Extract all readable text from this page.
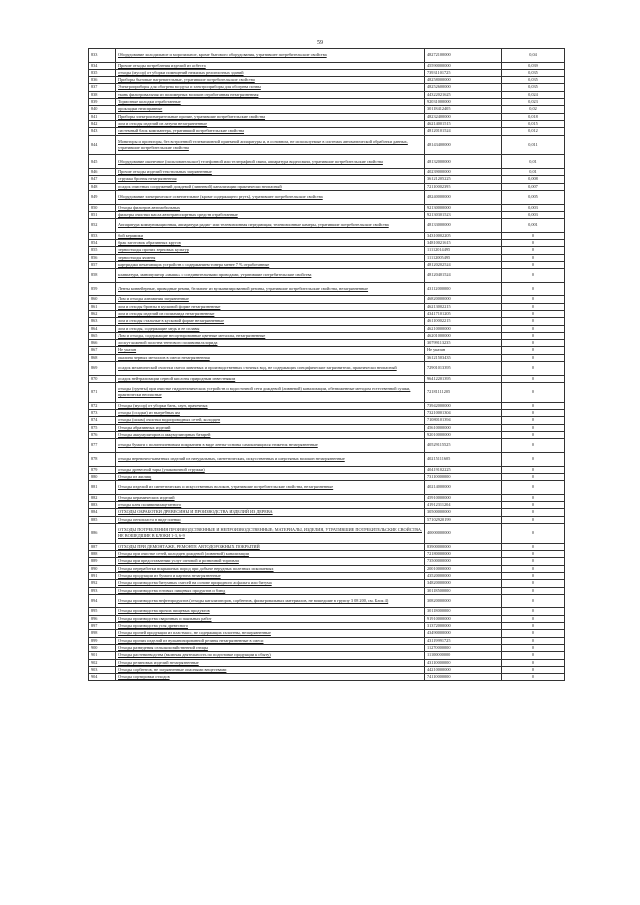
59
833	Оборудование холодильное и морозильное, кроме бытового оборудования, утратившее потребительские свойства	48272100000	0,04
834	Прочие отходы потребления изделий из асбеста	45590000000	0,039
835	отходы (мусор) от уборки помещений нежилых религиозных зданий	73931101725	0,035
836	Приборы бытовые нагревательные, утратившие потребительские свойства	48258000000	0,035
837	Электроприборы для обогрева воздуха и электроприборы для обогрева почвы	48252600000	0,035
838	ткань фильтровальная из полимерных волокон отработанная незагрязненная	44322021625	0,024
839	Тормозные колодки отработанные	92031000000	0,023
840	прокладки неисправные	30118412405	0,02
841	Приборы электроизмерительные прочие, утратившие потребительские свойства	48232400000	0,018
842	лом и отходы изделий из латуни незагрязненные	46214001515	0,015
843	системный блок компьютера, утративший потребительские свойства	48120101524	0,012
844	Мониторы и проекторы, без встроенной телевизионной приемной аппаратуры и, в основном, не используемые в системах автоматической обработки данных, утратившие потребительские свойства	48143400000	0,011
845	Оборудование оконечное (пользовательское) телефонной или телеграфной связи, аппаратура видеосвязи, утратившие потребительские свойства	48132000000	0,01
846	Прочие отходы изделий текстильных загрязненные	40239000000	0,01
847	стружка бронзы незагрязненная	36121205225	0,008
848	осадок очистных сооружений дождевой (ливневой) канализации практически неопасный	72110002395	0,007
849	Оборудование электрическое осветительное (кроме содержащего ртуть), утратившее потребительские свойства	48240000000	0,005
850	Отходы фильтров автомобильных	92130000000	0,003
851	фильтры очистки масла автотранспортных средств отработанные	92130301523	0,003
852	Аппаратура коммуникационная, аппаратура радио- или телевизионная передающая; телевизионные камеры, утратившие потребительские свойства	48133000000	0,001
853	бой керамики	34310002205	0
854	брак заготовок абразивных кругов	34810021615	0
855	зерноотходы прочих зерновых культур	11112014495	0
856	зерноотходы ячменя	11112005495	0
857	картриджи печатающих устройств с содержанием тонера менее 7 % отработанные	48120202524	0
858	клавиатура, манипулятор «мышь» с соединительными проводами, утратившие потребительские свойства	48120401524	0
859	Ленты конвейерные, приводные ремни, бельтинг из вулканизированной резины, утратившие потребительские свойства, незагрязненные	43112000000	0
860	Лом и отходы алюминия загрязненные	46820000000	0
861	лом и отходы бронзы в кусковой форме незагрязненные	46213002215	0
862	лом и отходы изделий из полиамида незагрязненные	43417101205	0
863	лом и отходы стальные в кусковой форме незагрязненные	46110002215	0
864	лом и отходы, содержащие медь и ее сплавы	46210000000	0
865	Лом и отходы, содержащие несортированные цветные металлы, незагрязненные	46201000000	0
866	лоскут кожевой полотна тентового поливинилхлорида	30799113235	0
867	Не указан	Не указан	0
868	окалина черных металлов в смеси незагрязненная	36121503435	0
869	осадок механической очистки смеси ливневых и производственных сточных вод, не содержащих специфические загрязнители, практически неопасный	72901013395	0
870	осадок нейтрализации серной кислоты природным известняком	96412201395	0
871	отходы (грунты) при очистке гидротехнических устройств и водосточной сети дождевой (ливневой) канализации, обезвоженные методом естественной сушки, практически неопасные	72181111205	0
872	Отходы (мусор) от уборки бань, саун, прачечных	73942000000	0
873	отходы (осадки) из выгребных ям	73210001304	0
874	отходы (шлам) очистки водопроводных сетей, колодцев	71080101394	0
875	Отходы абразивных изделий	45610000000	0
876	Отходы аккумуляторов и аккумуляторных батарей	92010000000	0
877	отходы бумаги с полиэтиленовым покрытием в виде ленты-основы самоклеящихся этикеток незагрязненные	40529115525	0
878	отходы веревочно-канатных изделий из натуральных, синтетических, искусственных и шерстяных волокон незагрязненные	40215111605	0
879	отходы древесной тары (упаковочной стружки)	40419102225	0
880	Отходы из жилищ	73110000000	0
881	Отходы изделий из синтетических и искусственных волокон, утратившие потребительские свойства, незагрязненные	40214000000	0
882	Отходы керамических изделий	45910000000	0
883	отходы клея поливинилацетатного	41912311204	0
884	ОТХОДЫ ОБРАБОТКИ ДРЕВЕСИНЫ И ПРОИЗВОДСТВА ИЗДЕЛИЙ ИЗ ДЕРЕВА	30500000000	0
885	Отходы пенопласта в виде пленки	57102920199	0
886	ОТХОДЫ ПОТРЕБЛЕНИЯ ПРОИЗВОДСТВЕННЫЕ И НЕПРОИЗВОДСТВЕННЫЕ; МАТЕРИАЛЫ, ИЗДЕЛИЯ, УТРАТИВШИЕ ПОТРЕБИТЕЛЬСКИЕ СВОЙСТВА, НЕ ВОШЕДШИЕ В БЛОКИ 1-3, 6-9	40000000000	0
887	ОТХОДЫ ПРИ ДЕМОНТАЖЕ, РЕМОНТЕ АВТОДОРОЖНЫХ ПОКРЫТИЙ	83900000000	0
888	Отходы при очистке сетей, колодцев дождевой (ливневой) канализации	72180000000	0
889	Отходы при предоставлении услуг оптовой и розничной торговли	73500000000	0
890	Отходы переработки вскрышных пород при добыче нерудных полезных ископаемых	20010000000	0
891	Отходы продукции из бумаги и картона незагрязненные	43520000000	0
892	Отходы производства битумных смесей на основе природного асфальта или битума	34820000000	0
893	Отходы производства готовых пищевых продуктов и блюд	30118500000	0
894	Отходы производства нефтепродуктов (отходы катализаторов, сорбентов, фильтровальных материалов, не вошедшие в группу 3 08 200, см. Блок 4)	30820000000	0
895	Отходы производства прочих пищевых продуктов	30118000000	0
896	Отходы производства сварочных и паяльных работ	91910000000	0
897	Отходы производства угля древесного	31372000000	0
898	Отходы прочей продукции из пластмасс, не содержащих галогены, незагрязненные	43490000000	0
899	Отходы прочих изделий из вулканизированной резины незагрязненные в смеси	43119991725	0
900	Отходы разведения сельскохозяйственной птицы	11270000000	0
901	Отходы растениеводства (включая деятельность по подготовке продукции к сбыту)	11100000000	0
902	Отходы резиновых изделий незагрязненные	43110000000	0
903	Отходы сорбентов, не загрязненные опасными веществами	44210000000	0
904	Отходы сортировки отходов	74110000000	0
